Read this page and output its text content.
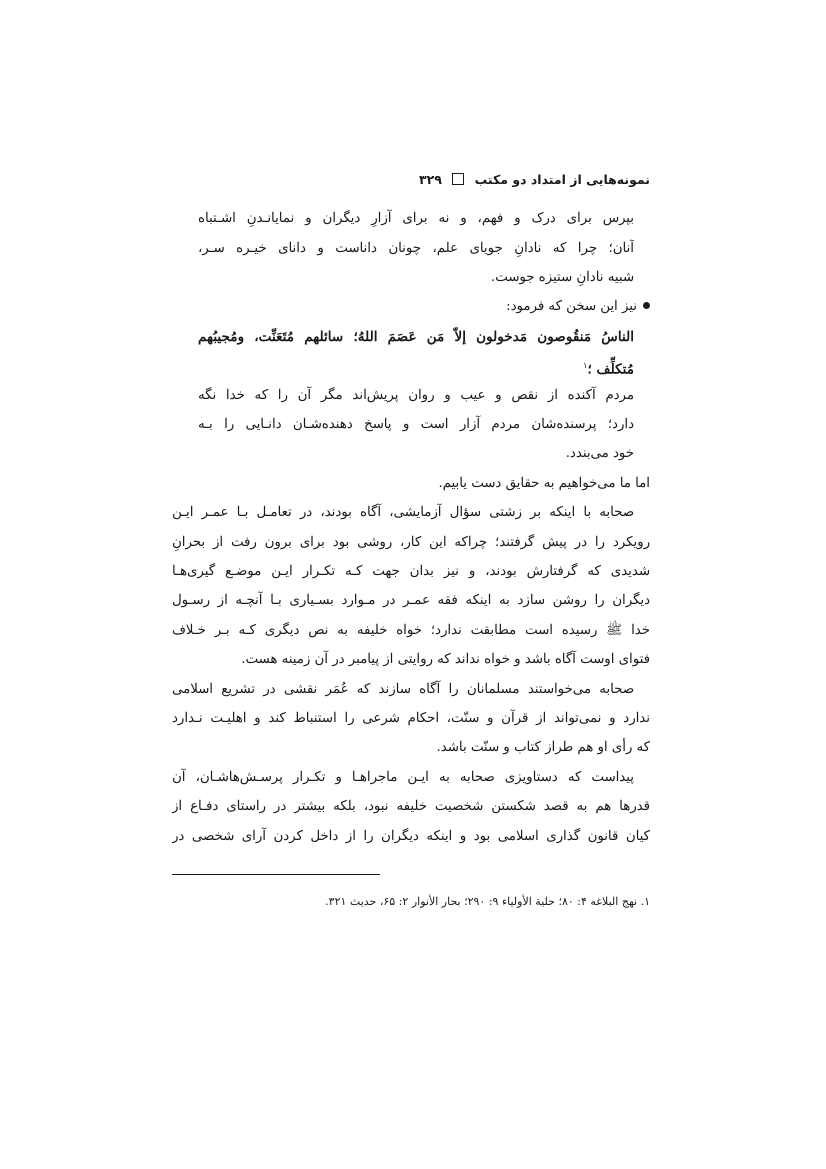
نمونه‌هایی از امتداد دو مکتب  ۳۲۹
بپرس برای درک و فهم، و نه برای آزارِ دیگران و نمایانـدنِ اشـتباه
آنان؛ چرا که نادانِ جویای علم، چونان داناست و دانای خیـره سـر،
شبیه نادانِ ستیزه جوست.
نیز این سخن که فرمود:
الناسُ مَنقُوصون مَدخولون إلاّ مَن عَصَمَ اللهُ؛ سائلهم مُتَعَنِّت، ومُجيبُهم
مُتكلِّف ؛$^١$
مردم آکنده از نقص و عیب و روان پریش‌اند مگر آن را که خدا نگه
دارد؛ پرسنده‌شان مردم آزار است و پاسخ دهنده‌شـان دانـایی را بـه
خود می‌بندد.
اما ما می‌خواهیم به حقایق دست یابیم.
صحابه با اینکه بر زشتی سؤال آزمایشی، آگاه بودند، در تعامـل بـا عمـر ایـن
رویکرد را در پیش گرفتند؛ چراکه این کار، روشی بود برای برون رفت از بحرانِ
شدیدی که گرفتارش بودند، و نیز بدان جهت کـه تکـرار ایـن موضـع گیری‌هـا
دیگران را روشن سازد به اینکه فقه عمـر در مـوارد بسـیاری بـا آنچـه از رسـول
خدا ﷺ رسیده است مطابقت ندارد؛ خواه خلیفه به نص دیگری کـه بـر خـلاف
فتوای اوست آگاه باشد و خواه نداند که روایتی از پیامبر در آن زمینه هست.
صحابه می‌خواستند مسلمانان را آگاه سازند که عُمَر نقشی در تشریع اسلامی
ندارد و نمی‌تواند از قرآن و سنّت، احکام شرعی را استنباط کند و اهلیـت نـدارد
که رأی او هم طراز کتاب و سنّت باشد.
پیداست که دستاویزی صحابه به ایـن ماجراهـا و تکـرار پرسـش‌هاشـان، آن
قدرها هم به قصد شکستن شخصیت خلیفه نبود، بلکه بیشتر در راستای دفـاع از
کیان قانون گذاری اسلامی بود و اینکه دیگران را از داخل کردن آرای شخصی در
١. نهج البلاغه ۴: ۸۰؛ حلية الأولياء ۹: ۲۹۰؛ بحار الأنوار ۲: ۶۵، حديث ۳۲۱.
